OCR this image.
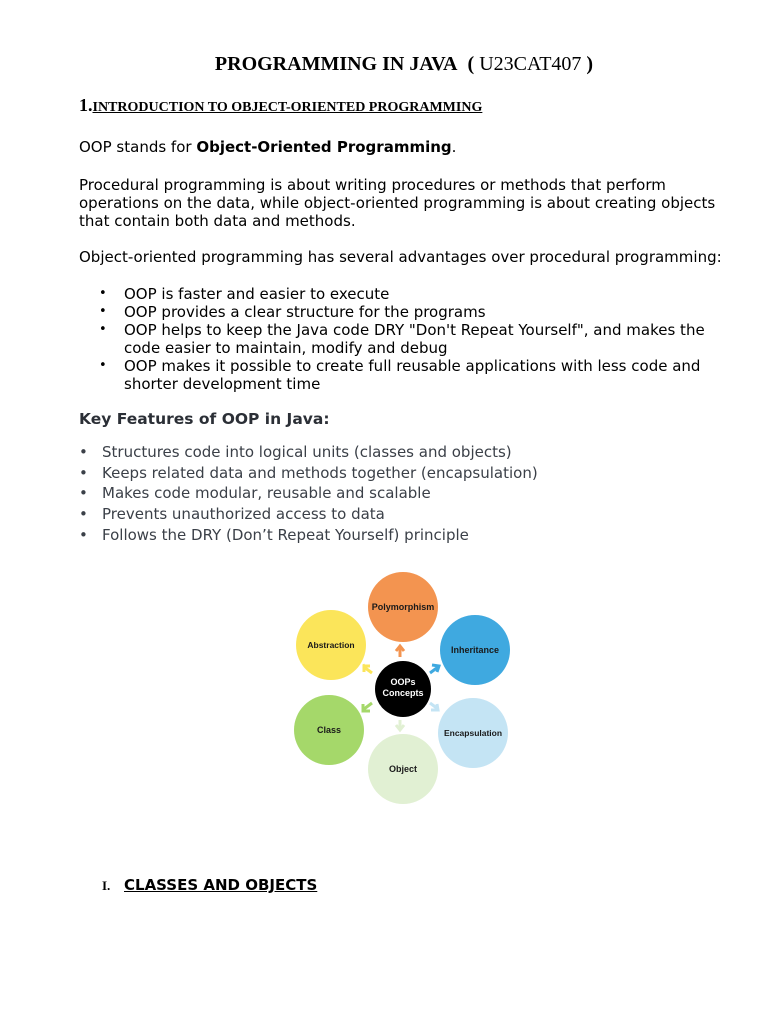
PROGRAMMING IN JAVA ( U23CAT407 )
1.INTRODUCTION TO OBJECT-ORIENTED PROGRAMMING
OOP stands for Object-Oriented Programming.
Procedural programming is about writing procedures or methods that perform operations on the data, while object-oriented programming is about creating objects that contain both data and methods.
Object-oriented programming has several advantages over procedural programming:
• OOP is faster and easier to execute
• OOP provides a clear structure for the programs
• OOP helps to keep the Java code DRY "Don't Repeat Yourself", and makes the code easier to maintain, modify and debug
• OOP makes it possible to create full reusable applications with less code and shorter development time
Key Features of OOP in Java:
• Structures code into logical units (classes and objects)
• Keeps related data and methods together (encapsulation)
• Makes code modular, reusable and scalable
• Prevents unauthorized access to data
• Follows the DRY (Don’t Repeat Yourself) principle
Polymorphism
Inheritance
Encapsulation
Object
Class
Abstraction
OOPs
Concepts
I. CLASSES AND OBJECTS
